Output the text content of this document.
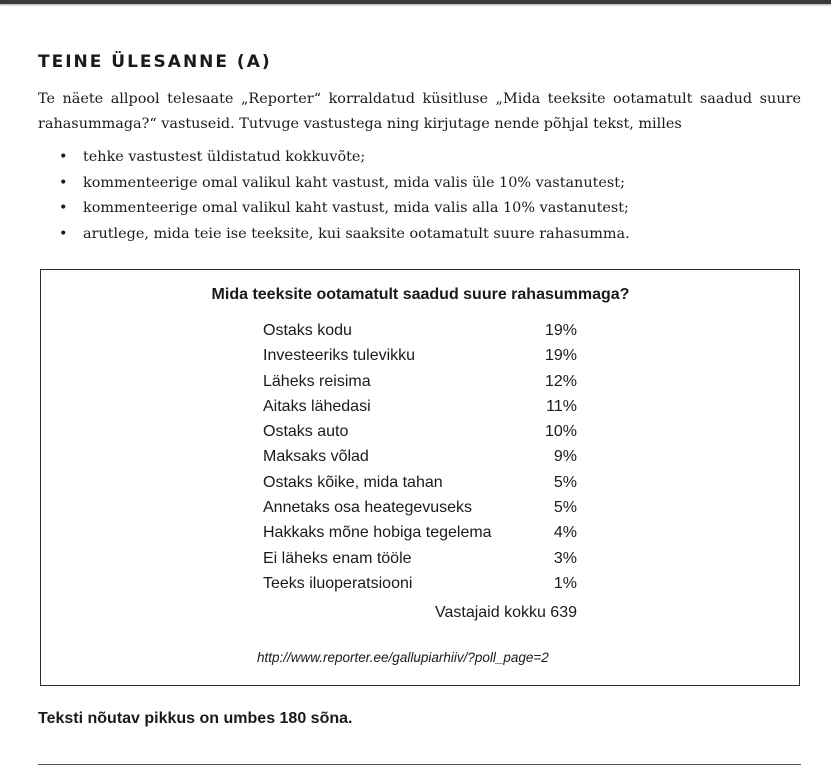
TEINE ÜLESANNE (A)

Te näete allpool telesaate „Reporter“ korraldatud küsitluse „Mida teeksite ootamatult saadud suure rahasummaga?“ vastuseid. Tutvuge vastustega ning kirjutage nende põhjal tekst, milles

• tehke vastustest üldistatud kokkuvõte;
• kommenteerige omal valikul kaht vastust, mida valis üle 10% vastanutest;
• kommenteerige omal valikul kaht vastust, mida valis alla 10% vastanutest;
• arutlege, mida teie ise teeksite, kui saaksite ootamatult suure rahasumma.
Mida teeksite ootamatult saadud suure rahasummaga?
Ostaks kodu	19%
Investeeriks tulevikku	19%
Läheks reisima	12%
Aitaks lähedasi	11%
Ostaks auto	10%
Maksaks võlad	9%
Ostaks kõike, mida tahan	5%
Annetaks osa heategevuseks	5%
Hakkaks mõne hobiga tegelema	4%
Ei läheks enam tööle	3%
Teeks iluoperatsiooni	1%
Vastajaid kokku 639
http://www.reporter.ee/gallupiarhiiv/?poll_page=2
Teksti nõutav pikkus on umbes 180 sõna.
